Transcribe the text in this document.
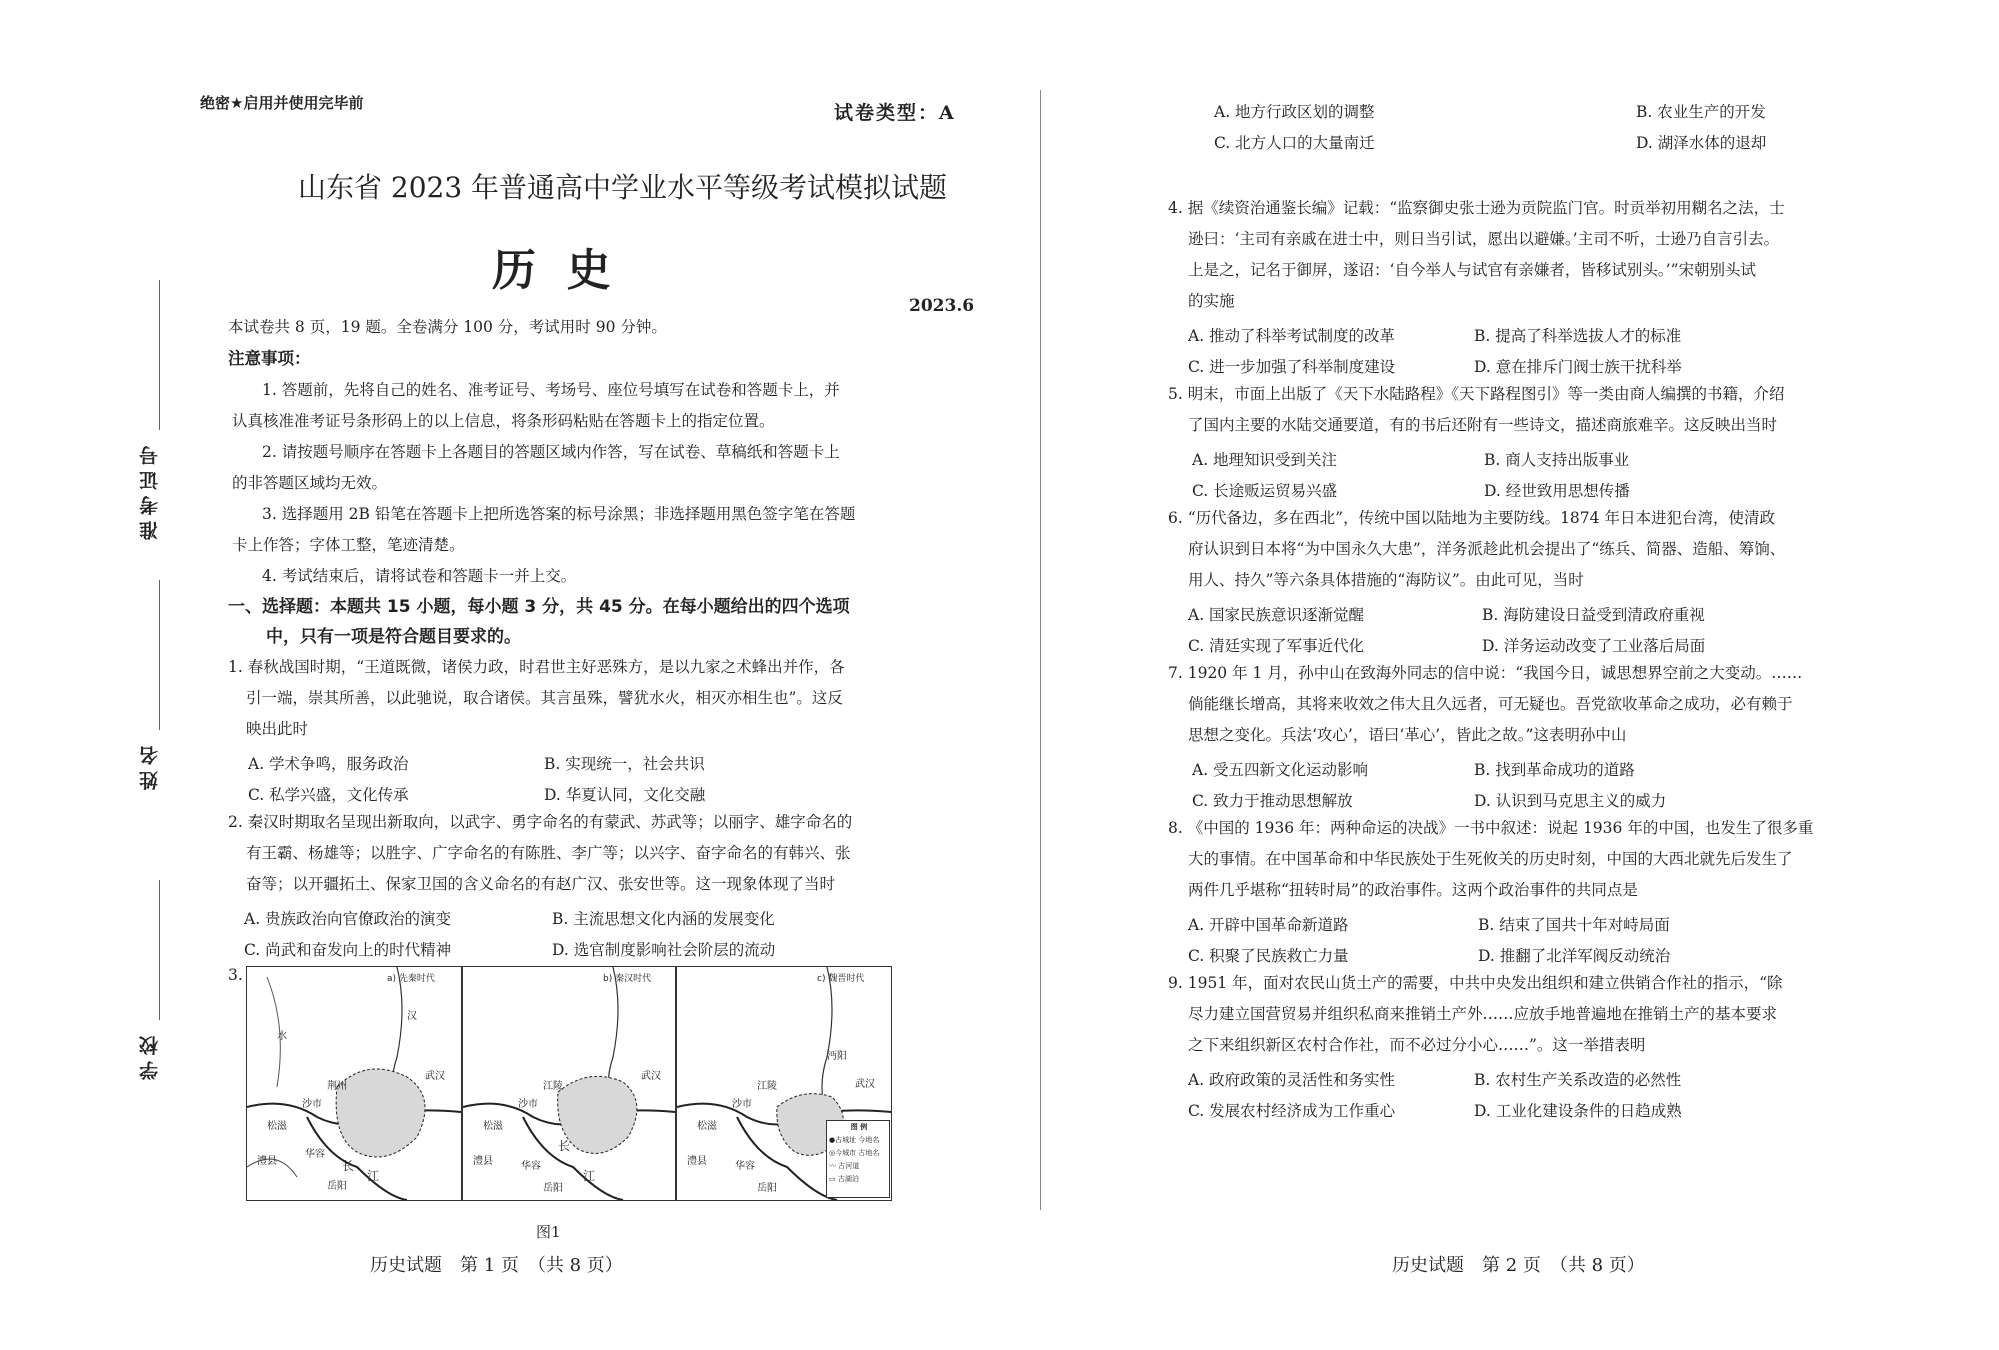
绝密★启用并使用完毕前	试卷类型：A
山东省 2023 年普通高中学业水平等级考试模拟试题
历  史
2023.6
本试卷共 8 页，19 题。全卷满分 100 分，考试用时 90 分钟。
注意事项：
1. 答题前，先将自己的姓名、准考证号、考场号、座位号填写在试卷和答题卡上，并
认真核准准考证号条形码上的以上信息，将条形码粘贴在答题卡上的指定位置。
2. 请按题号顺序在答题卡上各题目的答题区域内作答，写在试卷、草稿纸和答题卡上
的非答题区域均无效。
3. 选择题用 2B 铅笔在答题卡上把所选答案的标号涂黑；非选择题用黑色签字笔在答题
卡上作答；字体工整，笔迹清楚。
4. 考试结束后，请将试卷和答题卡一并上交。
一、选择题：本题共 15 小题，每小题 3 分，共 45 分。在每小题给出的四个选项
中，只有一项是符合题目要求的。
准考证号
姓名
学校
1. 春秋战国时期，“王道既微，诸侯力政，时君世主好恶殊方，是以九家之术蜂出并作，各
引一端，崇其所善，以此驰说，取合诸侯。其言虽殊，譬犹水火，相灭亦相生也”。这反
映出此时
A. 学术争鸣，服务政治	B. 实现统一，社会共识
C. 私学兴盛，文化传承	D. 华夏认同，文化交融
2. 秦汉时期取名呈现出新取向，以武字、勇字命名的有蒙武、苏武等；以丽字、雄字命名的
有王霸、杨雄等；以胜字、广字命名的有陈胜、李广等；以兴字、奋字命名的有韩兴、张
奋等；以开疆拓土、保家卫国的含义命名的有赵广汉、张安世等。这一现象体现了当时
A. 贵族政治向官僚政治的演变	B. 主流思想文化内涵的发展变化
C. 尚武和奋发向上的时代精神	D. 选官制度影响社会阶层的流动
3.	a) 先秦时代
松滋
沙市
荆州
武汉
华容
岳阳
澧县
江
长
水
汉
b) 秦汉时代
松滋
沙市
江陵
武汉
华容
岳阳
澧县
江
长
c) 魏晋时代
松滋
沙市
江陵
沔阳
武汉
华容
岳阳
澧县
图 例
●古城址 今地名
◎今城市 古地名
〰 古河道
▭ 古湖泊
图1
历史试题　第 1 页　（共 8 页）
A. 地方行政区划的调整	B. 农业生产的开发
C. 北方人口的大量南迁	D. 湖泽水体的退却
4. 据《续资治通鉴长编》记载：“监察御史张士逊为贡院监门官。时贡举初用糊名之法，士
逊曰：‘主司有亲戚在进士中，则日当引试，愿出以避嫌。’主司不听，士逊乃自言引去。
上是之，记名于御屏，遂诏：‘自今举人与试官有亲嫌者，皆移试别头。’”宋朝别头试
的实施
A. 推动了科举考试制度的改革	B. 提高了科举选拔人才的标准
C. 进一步加强了科举制度建设	D. 意在排斥门阀士族干扰科举
5. 明末，市面上出版了《天下水陆路程》《天下路程图引》等一类由商人编撰的书籍，介绍
了国内主要的水陆交通要道，有的书后还附有一些诗文，描述商旅难辛。这反映出当时
A. 地理知识受到关注	B. 商人支持出版事业
C. 长途贩运贸易兴盛	D. 经世致用思想传播
6. “历代备边，多在西北”，传统中国以陆地为主要防线。1874 年日本进犯台湾，使清政
府认识到日本将“为中国永久大患”，洋务派趁此机会提出了“练兵、简器、造船、筹饷、
用人、持久”等六条具体措施的“海防议”。由此可见，当时
A. 国家民族意识逐渐觉醒	B. 海防建设日益受到清政府重视
C. 清廷实现了军事近代化	D. 洋务运动改变了工业落后局面
7. 1920 年 1 月，孙中山在致海外同志的信中说：“我国今日，诚思想界空前之大变动。……
倘能继长增高，其将来收效之伟大且久远者，可无疑也。吾党欲收革命之成功，必有赖于
思想之变化。兵法‘攻心’，语曰‘革心’，皆此之故。”这表明孙中山
A. 受五四新文化运动影响	B. 找到革命成功的道路
C. 致力于推动思想解放	D. 认识到马克思主义的威力
8. 《中国的 1936 年：两种命运的决战》一书中叙述：说起 1936 年的中国，也发生了很多重
大的事情。在中国革命和中华民族处于生死攸关的历史时刻，中国的大西北就先后发生了
两件几乎堪称“扭转时局”的政治事件。这两个政治事件的共同点是
A. 开辟中国革命新道路	B. 结束了国共十年对峙局面
C. 积聚了民族救亡力量	D. 推翻了北洋军阀反动统治
9. 1951 年，面对农民山货土产的需要，中共中央发出组织和建立供销合作社的指示，“除
尽力建立国营贸易并组织私商来推销土产外……应放手地普遍地在推销土产的基本要求
之下来组织新区农村合作社，而不必过分小心……”。这一举措表明
A. 政府政策的灵活性和务实性	B. 农村生产关系改造的必然性
C. 发展农村经济成为工作重心	D. 工业化建设条件的日趋成熟
历史试题　第 2 页　（共 8 页）
